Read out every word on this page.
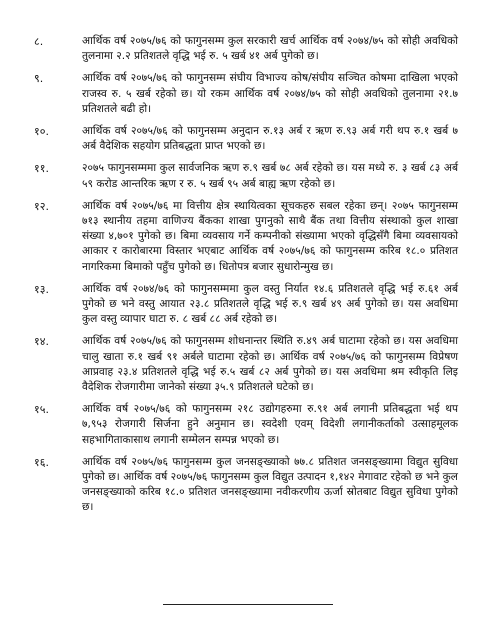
८.	आर्थिक वर्ष २०७५/७६ को फागुनसम्म कुल सरकारी खर्च आर्थिक वर्ष २०७४/७५ को सोही अवधिको तुलनामा २.२ प्रतिशतले वृद्धि भई रु. ५ खर्ब ४१ अर्ब पुगेको छ।
९.	आर्थिक वर्ष २०७५/७६ को फागुनसम्म संघीय विभाज्य कोष/संघीय सञ्चित कोषमा दाखिला भएको राजस्व रु. ५ खर्ब रहेको छ। यो रकम आर्थिक वर्ष २०७४/७५ को सोही अवधिको तुलनामा २१.७ प्रतिशतले बढी हो।
१०.	आर्थिक वर्ष २०७५/७६ को फागुनसम्म अनुदान रु.१३ अर्ब र ऋण रु.९३ अर्ब गरी थप रु.१ खर्ब ७ अर्ब वैदेशिक सहयोग प्रतिबद्धता प्राप्त भएको छ।
११.	२०७५ फागुनसम्ममा कुल सार्वजनिक ऋण रु.९ खर्ब ७८ अर्ब रहेको छ। यस मध्ये रु. ३ खर्ब ८३ अर्ब ५९ करोड आन्तरिक ऋण र रु. ५ खर्ब ९५ अर्ब बाह्य ऋण रहेको छ।
१२.	आर्थिक वर्ष २०७५/७६ मा वित्तीय क्षेत्र स्थायित्वका सूचकहरु सबल रहेका छन्। २०७५ फागुनसम्म ७१३ स्थानीय तहमा वाणिज्य बैंकका शाखा पुगनुको साथै बैंक तथा वित्तीय संस्थाको कुल शाखा संख्या ४,७०१ पुगेको छ। बिमा व्यवसाय गर्ने कम्पनीको संख्यामा भएको वृद्धिसँगै बिमा व्यवसायको आकार र कारोबारमा विस्तार भएबाट आर्थिक वर्ष २०७५/७६ को फागुनसम्म करिब १८.० प्रतिशत नागरिकमा बिमाको पहुँच पुगेको छ। धितोपत्र बजार सुधारोन्मुख छ।
१३.	आर्थिक वर्ष २०७४/७६ को फागुनसम्ममा कुल वस्तु निर्यात १४.६ प्रतिशतले वृद्धि भई रु.६१ अर्ब पुगेको छ भने वस्तु आयात २३.८ प्रतिशतले वृद्धि भई रु.९ खर्ब ४९ अर्ब पुगेको छ। यस अवधिमा कुल वस्तु व्यापार घाटा रु. ८ खर्ब ८८ अर्ब रहेको छ।
१४.	आर्थिक वर्ष २०७५/७६ को फागुनसम्म शोधनान्तर स्थिति रु.४९ अर्ब घाटामा रहेको छ। यस अवधिमा चालु खाता रु.१ खर्ब ९१ अर्बले घाटामा रहेको छ। आर्थिक वर्ष २०७५/७६ को फागुनसम्म विप्रेषण आप्रवाह २३.४ प्रतिशतले वृद्धि भई रु.५ खर्ब ८२ अर्ब पुगेको छ। यस अवधिमा श्रम स्वीकृति लिइ वैदेशिक रोजगारीमा जानेको संख्या ३५.९ प्रतिशतले घटेको छ।
१५.	आर्थिक वर्ष २०७५/७६ को फागुनसम्म २१८ उद्योगहरुमा रु.९१ अर्ब लगानी प्रतिबद्धता भई थप ७,९५३ रोजगारी सिर्जना हुने अनुमान छ। स्वदेशी एवम् विदेशी लगानीकर्ताको उत्साहमूलक सहभागिताकासाथ लगानी सम्मेलन सम्पन्न भएको छ।
१६.	आर्थिक वर्ष २०७५/७६ फागुनसम्म कुल जनसङ्ख्याको ७७.८ प्रतिशत जनसङ्ख्यामा विद्युत सुविधा पुगेको छ। आर्थिक वर्ष २०७५/७६ फागुनसम्म कुल विद्युत उत्पादन १,१४२ मेगावाट रहेको छ भने कुल जनसङ्ख्याको करिब १८.० प्रतिशत जनसङ्ख्यामा नवीकरणीय ऊर्जा स्रोतबाट विद्युत सुविधा पुगेको छ।
